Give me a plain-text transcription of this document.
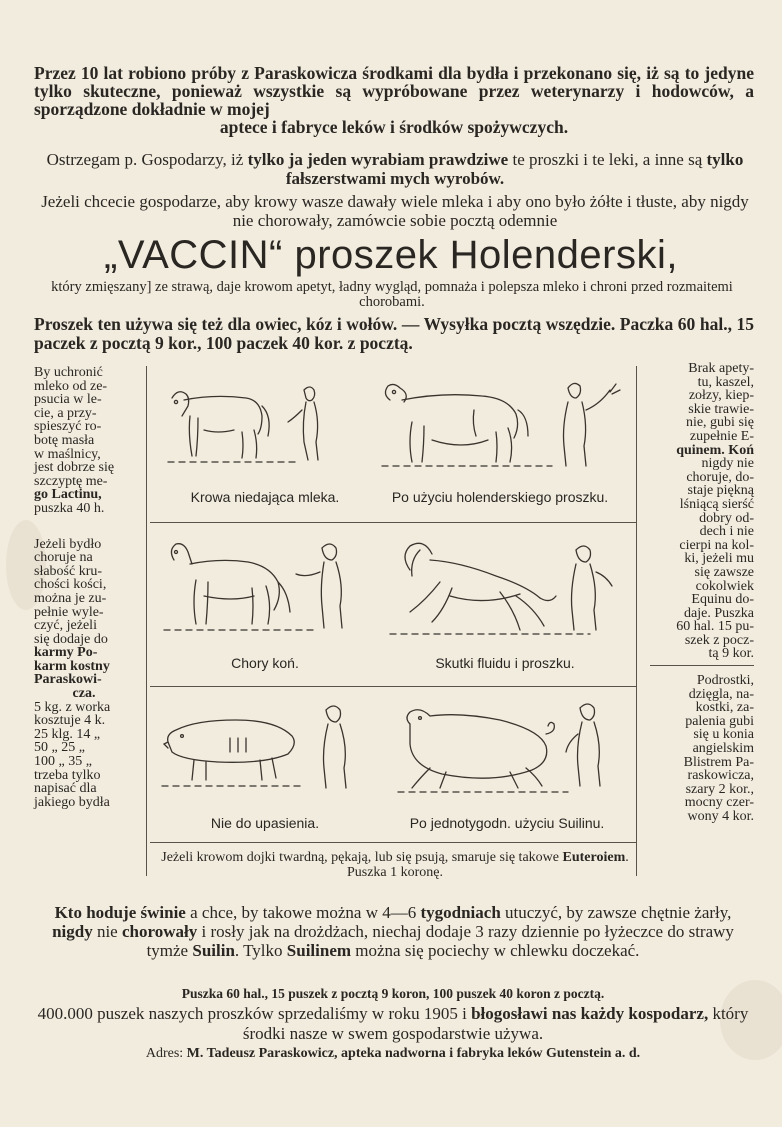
Przez 10 lat robiono próby z Paraskowicza środkami dla bydła i przekonano się, iż są to jedyne tylko skuteczne, ponieważ wszystkie są wypróbowane przez weterynarzy i hodowców, a sporządzone dokładnie w mojej
aptece i fabryce leków i środków spożywczych.
Ostrzegam p. Gospodarzy, iż tylko ja jeden wyrabiam prawdziwe te proszki i te leki, a inne są tylko fałszerstwami mych wyrobów.
Jeżeli chcecie gospodarze, aby krowy wasze dawały wiele mleka i aby ono było żółte i tłuste, aby nigdy nie chorowały, zamówcie sobie pocztą odemnie
„VACCIN“ proszek Holenderski,
który zmięszany] ze strawą, daje krowom apetyt, ładny wygląd, pomnaża i polepsza mleko i chroni przed rozmaitemi chorobami.
Proszek ten używa się też dla owiec, kóz i wołów. — Wysyłka pocztą wszędzie. Paczka 60 hal., 15 paczek z pocztą 9 kor., 100 paczek 40 kor. z pocztą.

By uchronić

mleko od ze-

psucia w le-

cie, a przy-

spieszyć ro-

botę masła

w maślnicy,

jest dobrze się

szczyptę me-

go Lactinu,

puszka 40 h.

Jeżeli bydło

choruje na

słabość kru-

chości kości,

można je zu-

pełnie wyle-

czyć, jeżeli

się dodaje do

karmy Po-

karm kostny

Paraskowi-

cza.

5 kg. z worka

kosztuje 4 k.

25 klg. 14 „

50 „ 25 „

100 „ 35 „

trzeba tylko

napisać dla

jakiego bydła

Brak apety-

tu, kaszel,

zołzy, kiep-

skie trawie-

nie, gubi się

zupełnie E-

quinem. Koń

nigdy nie

choruje, do-

staje piękną

lśniącą sierść

dobry od-

dech i nie

cierpi na kol-

ki, jeżeli mu

się zawsze

cokolwiek

Equinu do-

daje. Puszka

60 hal. 15 pu-

szek z pocz-

tą 9 kor.

Podrostki,

dzięgla, na-

kostki, za-

palenia gubi

się u konia

angielskim

Blistrem Pa-

raskowicza,

szary 2 kor.,

mocny czer-

wony 4 kor.

Krowa niedająca mleka.	Po użyciu holenderskiego proszku.
Chory koń.	Skutki fluidu i proszku.
Nie do upasienia.	Po jednotygodn. użyciu Suilinu.
Jeżeli krowom dojki twardną, pękają, lub się psują, smaruje się takowe Euteroiem. Puszka 1 koronę.
Kto hoduje świnie a chce, by takowe można w 4—6 tygodniach utuczyć, by zawsze chętnie żarły, nigdy nie chorowały i rosły jak na drożdżach, niechaj dodaje 3 razy dziennie po łyżeczce do strawy tymże Suilin. Tylko Suilinem można się pociechy w chlewku doczekać.
Puszka 60 hal., 15 puszek z pocztą 9 koron, 100 puszek 40 koron z pocztą.
400.000 puszek naszych proszków sprzedaliśmy w roku 1905 i błogosławi nas każdy kospodarz, który środki nasze w swem gospodarstwie używa.
Adres: M. Tadeusz Paraskowicz, apteka nadworna i fabryka leków Gutenstein a. d.
